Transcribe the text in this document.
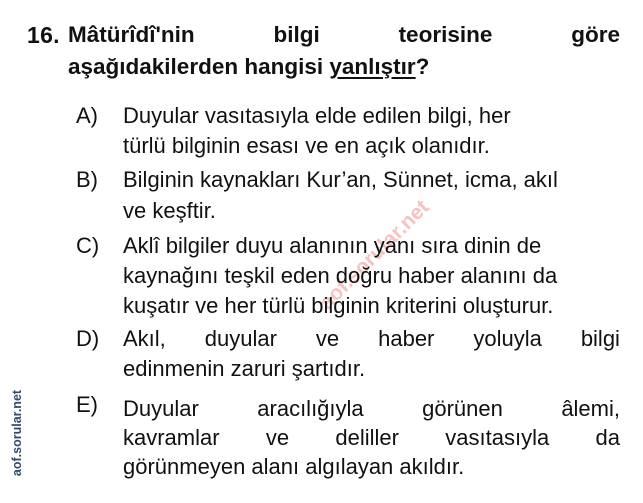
aof.sorular.net
aof.sorular.net
16. Mâtürîdî'nin	bilgi	teorisine	göre
aşağıdakilerden hangisi yanlıştır?
A) Duyular vasıtasıyla elde edilen bilgi, her
türlü bilginin esası ve en açık olanıdır.
B) Bilginin kaynakları Kur’an, Sünnet, icma, akıl
ve keşftir.
C) Aklî bilgiler duyu alanının yanı sıra dinin de
kaynağını teşkil eden doğru haber alanını da
kuşatır ve her türlü bilginin kriterini oluşturur.
D) Akıl, duyular ve haber yoluyla bilgi
edinmenin zaruri şartıdır.
E) Duyular	aracılığıyla	görünen	âlemi,
kavramlar ve deliller vasıtasıyla da
görünmeyen alanı algılayan akıldır.
